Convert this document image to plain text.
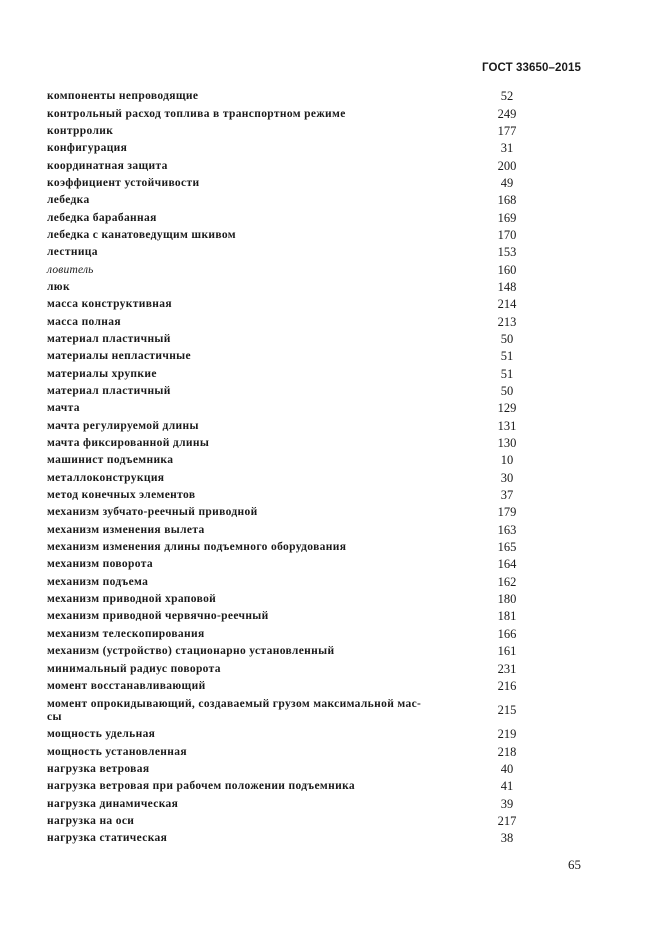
ГОСТ 33650–2015
компоненты непроводящие	52
контрольный расход топлива в транспортном режиме	249
контрролик	177
конфигурация	31
координатная защита	200
коэффициент устойчивости	49
лебедка	168
лебедка барабанная	169
лебедка с канатоведущим шкивом	170
лестница	153
ловитель	160
люк	148
масса конструктивная	214
масса полная	213
материал пластичный	50
материалы непластичные	51
материалы хрупкие	51
материал пластичный	50
мачта	129
мачта регулируемой длины	131
мачта фиксированной длины	130
машинист подъемника	10
металлоконструкция	30
метод конечных элементов	37
механизм зубчато-реечный приводной	179
механизм изменения вылета	163
механизм изменения длины подъемного оборудования	165
механизм поворота	164
механизм подъема	162
механизм приводной храповой	180
механизм приводной червячно-реечный	181
механизм телескопирования	166
механизм (устройство) стационарно установленный	161
минимальный радиус поворота	231
момент восстанавливающий	216
момент опрокидывающий, создаваемый грузом максимальной мас-
сы	215
мощность удельная	219
мощность установленная	218
нагрузка ветровая	40
нагрузка ветровая при рабочем положении подъемника	41
нагрузка динамическая	39
нагрузка на оси	217
нагрузка статическая	38
65
